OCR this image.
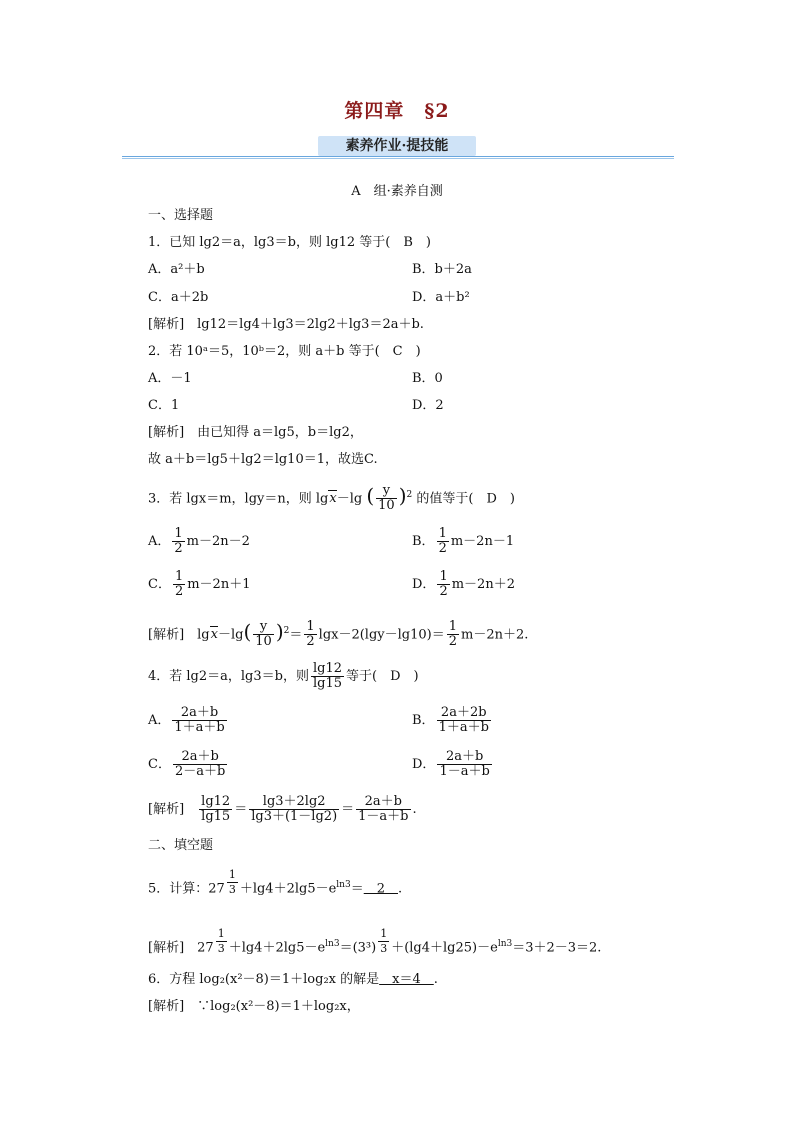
第四章 §2
素养作业·提技能
A　组·素养自测
一、选择题
1．已知 lg2＝a，lg3＝b，则 lg12 等于(　B　)
A．a²＋b	B．b＋2a
C．a＋2b	D．a＋b²
[解析]　lg12＝lg4＋lg3＝2lg2＋lg3＝2a＋b.
2．若 10ᵃ＝5，10ᵇ＝2，则 a＋b 等于(　C　)
A．－1	B．0
C．1	D．2
[解析]　由已知得 a＝lg5，b＝lg2，
故 a＋b＝lg5＋lg2＝lg10＝1，故选C.
3．若 lgx＝m，lgy＝n，则 lgx－lg ( $\frac{y}{10} )^2$ 的值等于(　D　)
A． $\frac{1}{2} m-2n-2$	B． $\frac{1}{2} m-2n-1$
C． $\frac{1}{2} m-2n+1$	D． $\frac{1}{2} m-2n+2$
[解析]　$\lg x-\lg( \frac{y}{10} )^2= \frac{1}{2} \lg x-2(\lg y-\lg 10)= \frac{1}{2} m-2n+2$.
4．若 lg2＝a，lg3＝b，则 $\frac{\lg 12}{\lg 15}$ 等于(　D　)
A． $\frac{2a+b}{1+a+b}$	B． $\frac{2a+2b}{1+a+b}$
C． $\frac{2a+b}{2-a+b}$	D． $\frac{2a+b}{1-a+b}$
[解析]　 $\frac{\lg 12}{\lg 15} = \frac{\lg 3+2\lg 2}{\lg 3+(1-\lg 2)} = \frac{2a+b}{1-a+b}$ .
二、填空题
5．计算：$27 \frac{1}{3} +\lg 4+2\lg 5-e^{ln3}=$　2　.
[解析]　$27 \frac{1}{3} +\lg 4+2\lg 5-e^{ln3}=(3^3) \frac{1}{3} +(\lg 4+\lg 25)-e^{ln3}=3+2-3=2$.
6．方程 log₂(x²－8)＝1＋log₂x 的解是　x＝4　.
[解析]　∵log₂(x²－8)＝1＋log₂x，
